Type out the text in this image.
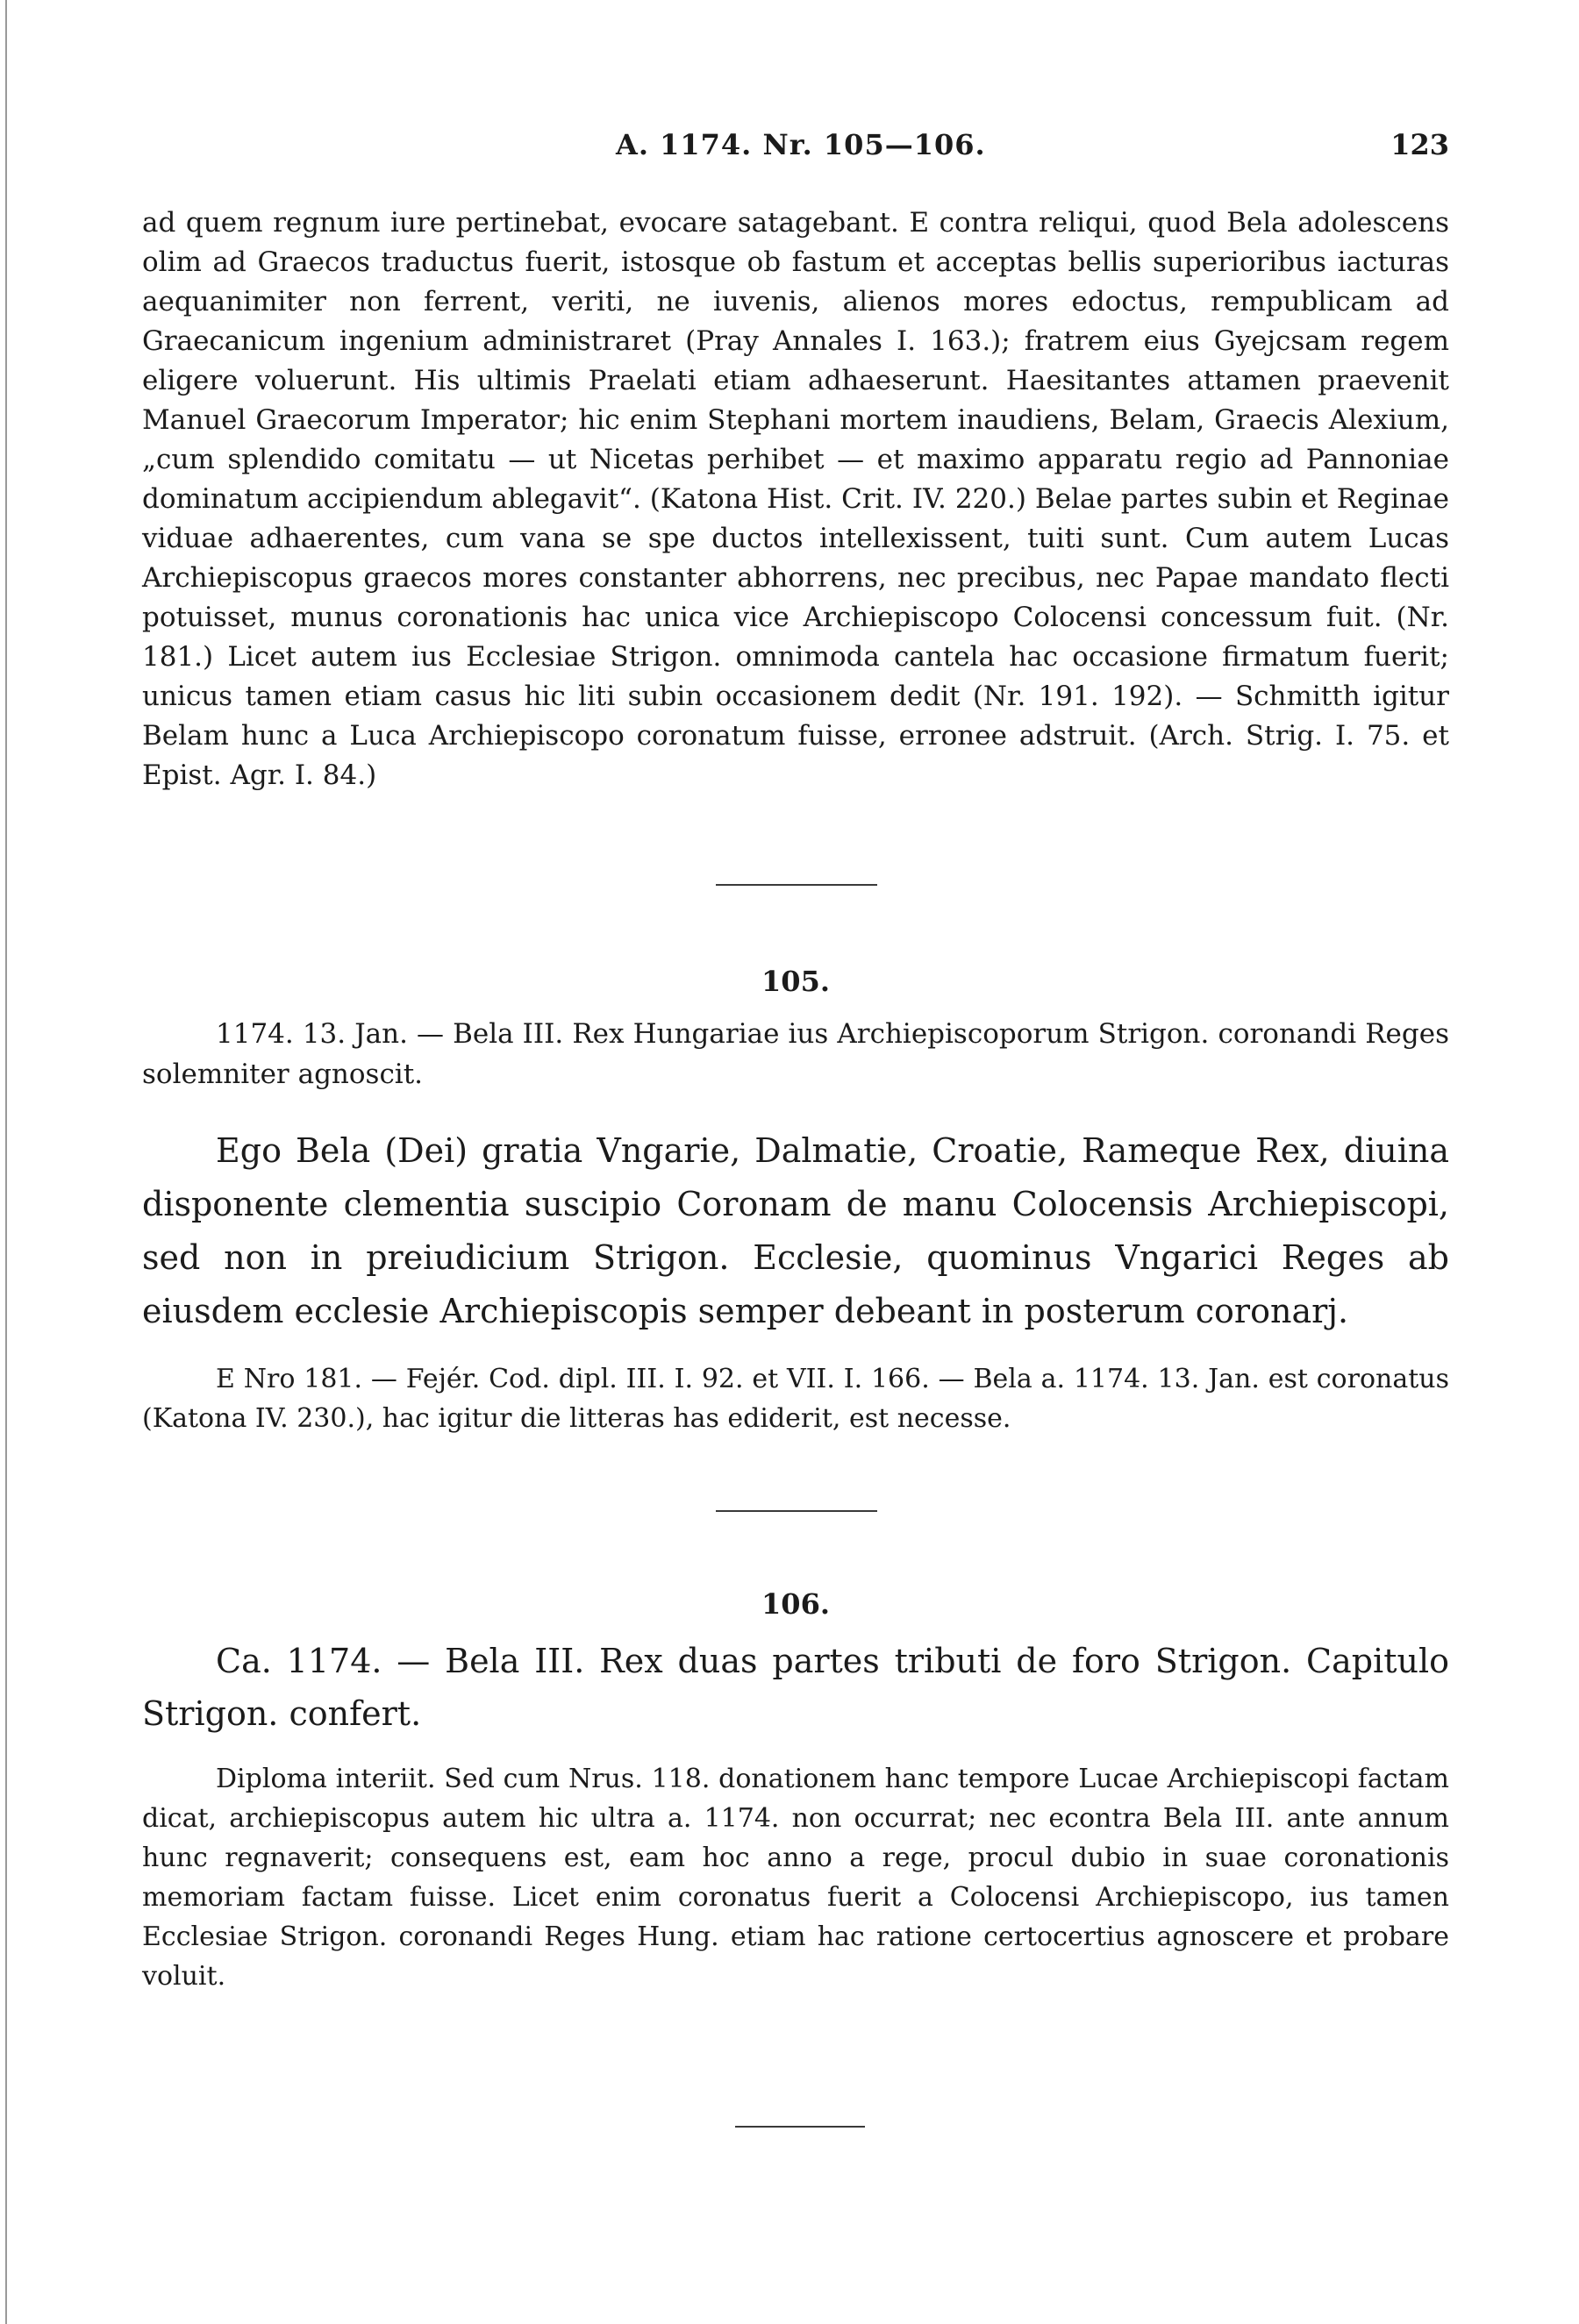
A. 1174. Nr. 105—106.	123

ad quem regnum iure pertinebat, evocare satagebant. E contra reliqui, quod Bela adolescens olim ad Graecos traductus fuerit, istosque ob fastum et acceptas bellis superioribus iacturas aequanimiter non ferrent, veriti, ne iuvenis, alienos mores edoctus, rempublicam ad Graecanicum ingenium administraret (Pray Annales I. 163.); fratrem eius Gyejcsam regem eligere voluerunt. His ultimis Praelati etiam adhaeserunt. Haesitantes attamen praevenit Manuel Graecorum Imperator; hic enim Stephani mortem inaudiens, Belam, Graecis Alexium, „cum splendido comitatu — ut Nicetas perhibet — et maximo apparatu regio ad Pannoniae dominatum accipiendum ablegavit“. (Katona Hist. Crit. IV. 220.) Belae partes subin et Reginae viduae adhaerentes, cum vana se spe ductos intellexissent, tuiti sunt. Cum autem Lucas Archiepiscopus graecos mores constanter abhorrens, nec precibus, nec Papae mandato flecti potuisset, munus coronationis hac unica vice Archiepiscopo Colocensi concessum fuit. (Nr. 181.) Licet autem ius Ecclesiae Strigon. omnimoda cantela hac occasione firmatum fuerit; unicus tamen etiam casus hic liti subin occasionem dedit (Nr. 191. 192). — Schmitth igitur Belam hunc a Luca Archiepiscopo coronatum fuisse, erronee adstruit. (Arch. Strig. I. 75. et Epist. Agr. I. 84.)

105.

1174. 13. Jan. — Bela III. Rex Hungariae ius Archiepiscoporum Strigon. coronandi Reges solemniter agnoscit.

Ego Bela (Dei) gratia Vngarie, Dalmatie, Croatie, Rameque Rex, diuina disponente clementia suscipio Coronam de manu Colocensis Archiepiscopi, sed non in preiudicium Strigon. Ecclesie, quominus Vngarici Reges ab eiusdem ecclesie Archiepiscopis semper debeant in posterum coronarj.

E Nro 181. — Fejér. Cod. dipl. III. I. 92. et VII. I. 166. — Bela a. 1174. 13. Jan. est coronatus (Katona IV. 230.), hac igitur die litteras has ediderit, est necesse.

106.

Ca. 1174. — Bela III. Rex duas partes tributi de foro Strigon. Capitulo Strigon. confert.

Diploma interiit. Sed cum Nrus. 118. donationem hanc tempore Lucae Archiepiscopi factam dicat, archiepiscopus autem hic ultra a. 1174. non occurrat; nec econtra Bela III. ante annum hunc regnaverit; consequens est, eam hoc anno a rege, procul dubio in suae coronationis memoriam factam fuisse. Licet enim coronatus fuerit a Colocensi Archiepiscopo, ius tamen Ecclesiae Strigon. coronandi Reges Hung. etiam hac ratione certocertius agnoscere et probare voluit.
